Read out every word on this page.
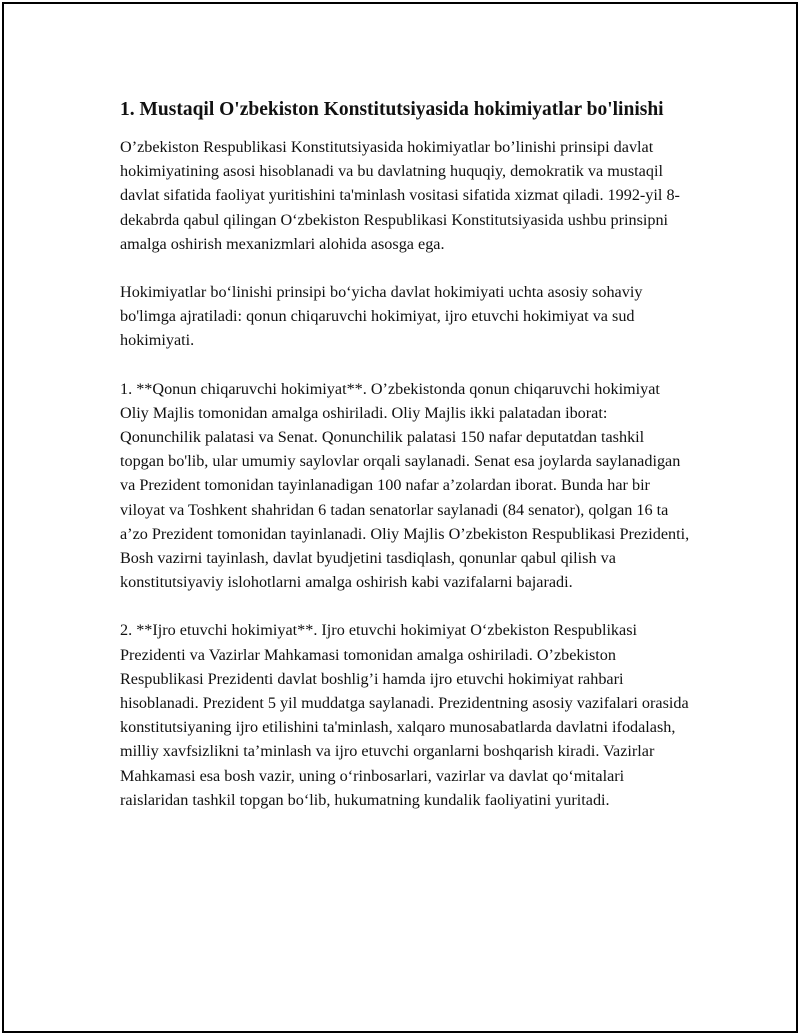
1. Mustaqil O'zbekiston Konstitutsiyasida hokimiyatlar bo'linishi

O’zbekiston Respublikasi Konstitutsiyasida hokimiyatlar bo’linishi prinsipi davlat hokimiyatining asosi hisoblanadi va bu davlatning huquqiy, demokratik va mustaqil davlat sifatida faoliyat yuritishini ta'minlash vositasi sifatida xizmat qiladi. 1992-yil 8-dekabrda qabul qilingan O‘zbekiston Respublikasi Konstitutsiyasida ushbu prinsipni amalga oshirish mexanizmlari alohida asosga ega.

Hokimiyatlar bo‘linishi prinsipi bo‘yicha davlat hokimiyati uchta asosiy sohaviy bo'limga ajratiladi: qonun chiqaruvchi hokimiyat, ijro etuvchi hokimiyat va sud hokimiyati.

1. **Qonun chiqaruvchi hokimiyat**. O’zbekistonda qonun chiqaruvchi hokimiyat Oliy Majlis tomonidan amalga oshiriladi. Oliy Majlis ikki palatadan iborat: Qonunchilik palatasi va Senat. Qonunchilik palatasi 150 nafar deputatdan tashkil topgan bo'lib, ular umumiy saylovlar orqali saylanadi. Senat esa joylarda saylanadigan va Prezident tomonidan tayinlanadigan 100 nafar a’zolardan iborat. Bunda har bir viloyat va Toshkent shahridan 6 tadan senatorlar saylanadi (84 senator), qolgan 16 ta a’zo Prezident tomonidan tayinlanadi. Oliy Majlis O’zbekiston Respublikasi Prezidenti, Bosh vazirni tayinlash, davlat byudjetini tasdiqlash, qonunlar qabul qilish va konstitutsiyaviy islohotlarni amalga oshirish kabi vazifalarni bajaradi.

2. **Ijro etuvchi hokimiyat**. Ijro etuvchi hokimiyat O‘zbekiston Respublikasi Prezidenti va Vazirlar Mahkamasi tomonidan amalga oshiriladi. O’zbekiston Respublikasi Prezidenti davlat boshlig’i hamda ijro etuvchi hokimiyat rahbari hisoblanadi. Prezident 5 yil muddatga saylanadi. Prezidentning asosiy vazifalari orasida konstitutsiyaning ijro etilishini ta'minlash, xalqaro munosabatlarda davlatni ifodalash, milliy xavfsizlikni ta’minlash va ijro etuvchi organlarni boshqarish kiradi. Vazirlar Mahkamasi esa bosh vazir, uning o‘rinbosarlari, vazirlar va davlat qo‘mitalari raislaridan tashkil topgan bo‘lib, hukumatning kundalik faoliyatini yuritadi.
